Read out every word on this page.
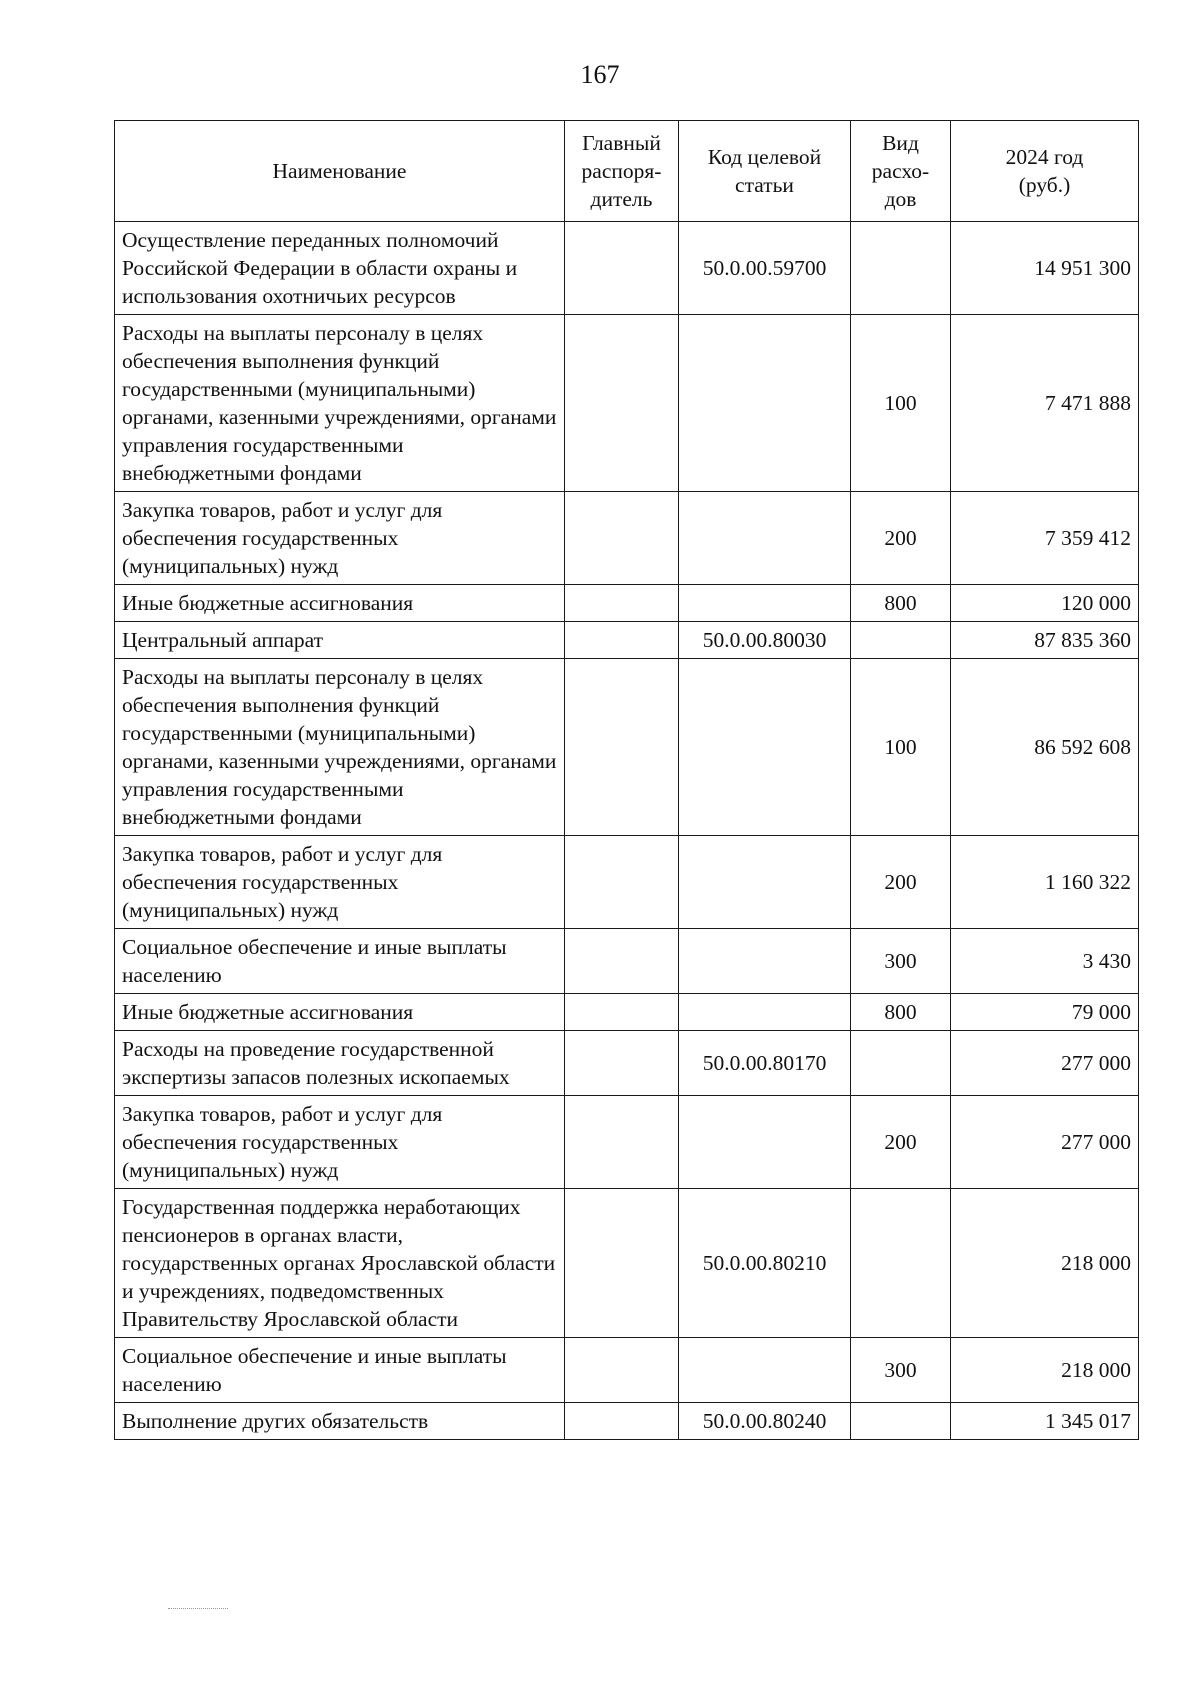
167
Наименование	Главный распоря-дитель	Код целевой статьи	Вид расхо-дов	2024 год (руб.)
Осуществление переданных полномочий Российской Федерации в области охраны и использования охотничьих ресурсов		50.0.00.59700		14 951 300
Расходы на выплаты персоналу в целях обеспечения выполнения функций государственными (муниципальными) органами, казенными учреждениями, органами управления государственными внебюджетными фондами			100	7 471 888
Закупка товаров, работ и услуг для обеспечения государственных (муниципальных) нужд			200	7 359 412
Иные бюджетные ассигнования			800	120 000
Центральный аппарат		50.0.00.80030		87 835 360
Расходы на выплаты персоналу в целях обеспечения выполнения функций государственными (муниципальными) органами, казенными учреждениями, органами управления государственными внебюджетными фондами			100	86 592 608
Закупка товаров, работ и услуг для обеспечения государственных (муниципальных) нужд			200	1 160 322
Социальное обеспечение и иные выплаты населению			300	3 430
Иные бюджетные ассигнования			800	79 000
Расходы на проведение государственной экспертизы запасов полезных ископаемых		50.0.00.80170		277 000
Закупка товаров, работ и услуг для обеспечения государственных (муниципальных) нужд			200	277 000
Государственная поддержка неработающих пенсионеров в органах власти, государственных органах Ярославской области и учреждениях, подведомственных Правительству Ярославской области		50.0.00.80210		218 000
Социальное обеспечение и иные выплаты населению			300	218 000
Выполнение других обязательств		50.0.00.80240		1 345 017
